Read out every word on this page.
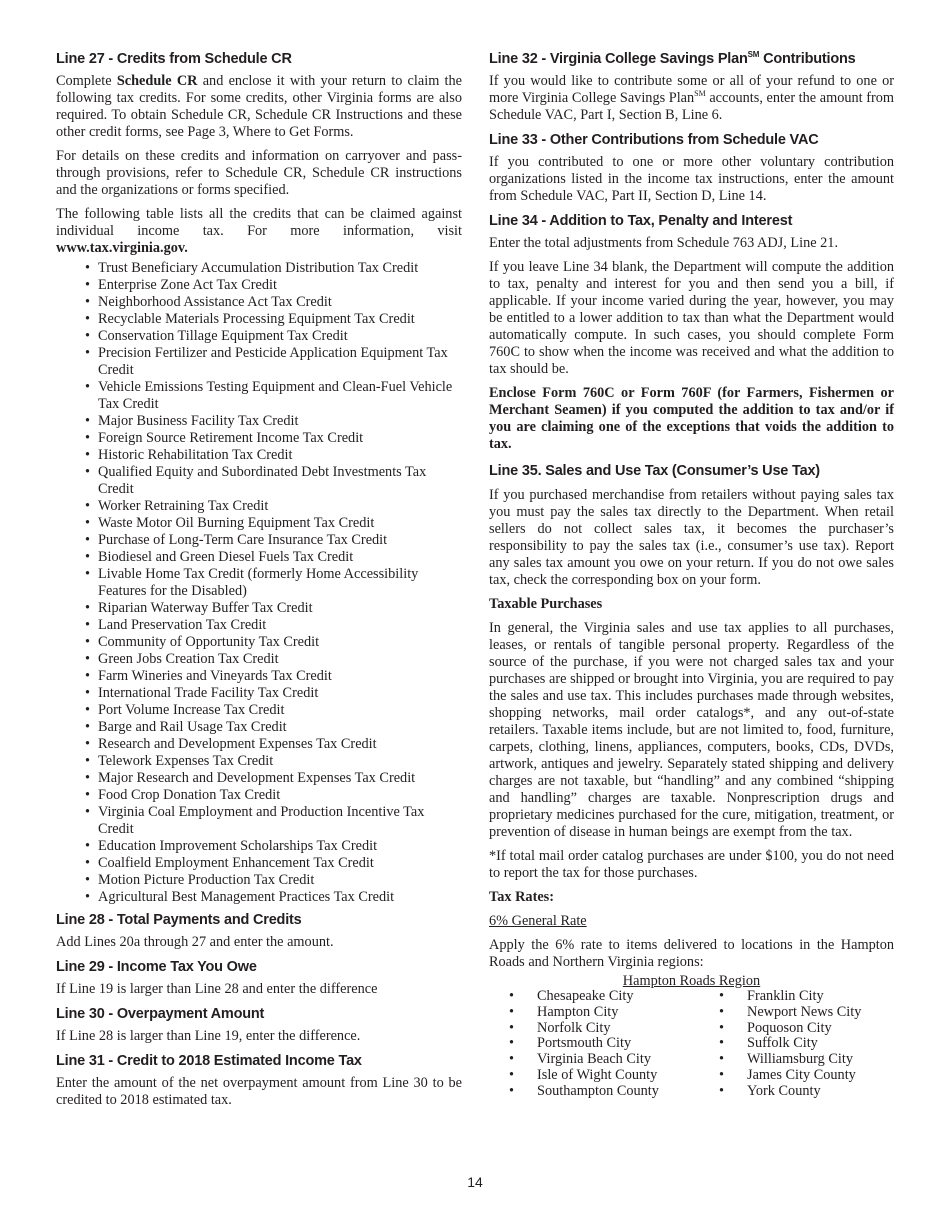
Line 27 - Credits from Schedule CR

Complete Schedule CR and enclose it with your return to claim the following tax credits. For some credits, other Virginia forms are also required. To obtain Schedule CR, Schedule CR Instructions and these other credit forms, see Page 3, Where to Get Forms.

For details on these credits and information on carryover and pass-through provisions, refer to Schedule CR, Schedule CR instructions and the organizations or forms specified.

The following table lists all the credits that can be claimed against individual income tax. For more information, visit www.tax.virginia.gov.

• Trust Beneficiary Accumulation Distribution Tax Credit
• Enterprise Zone Act Tax Credit
• Neighborhood Assistance Act Tax Credit
• Recyclable Materials Processing Equipment Tax Credit
• Conservation Tillage Equipment Tax Credit
• Precision Fertilizer and Pesticide Application Equipment Tax Credit
• Vehicle Emissions Testing Equipment and Clean-Fuel Vehicle Tax Credit
• Major Business Facility Tax Credit
• Foreign Source Retirement Income Tax Credit
• Historic Rehabilitation Tax Credit
• Qualified Equity and Subordinated Debt Investments Tax Credit
• Worker Retraining Tax Credit
• Waste Motor Oil Burning Equipment Tax Credit
• Purchase of Long-Term Care Insurance Tax Credit
• Biodiesel and Green Diesel Fuels Tax Credit
• Livable Home Tax Credit (formerly Home Accessibility Features for the Disabled)
• Riparian Waterway Buffer Tax Credit
• Land Preservation Tax Credit
• Community of Opportunity Tax Credit
• Green Jobs Creation Tax Credit
• Farm Wineries and Vineyards Tax Credit
• International Trade Facility Tax Credit
• Port Volume Increase Tax Credit
• Barge and Rail Usage Tax Credit
• Research and Development Expenses Tax Credit
• Telework Expenses Tax Credit
• Major Research and Development Expenses Tax Credit
• Food Crop Donation Tax Credit
• Virginia Coal Employment and Production Incentive Tax Credit
• Education Improvement Scholarships Tax Credit
• Coalfield Employment Enhancement Tax Credit
• Motion Picture Production Tax Credit
• Agricultural Best Management Practices Tax Credit
Line 28 - Total Payments and Credits

Add Lines 20a through 27 and enter the amount.

Line 29 - Income Tax You Owe

If Line 19 is larger than Line 28 and enter the difference

Line 30 - Overpayment Amount

If Line 28 is larger than Line 19, enter the difference.

Line 31 - Credit to 2018 Estimated Income Tax

Enter the amount of the net overpayment amount from Line 30 to be credited to 2018 estimated tax.

Line 32 - Virginia College Savings Plan℠ Contributions

If you would like to contribute some or all of your refund to one or more Virginia College Savings Plan℠ accounts, enter the amount from Schedule VAC, Part I, Section B, Line 6.

Line 33 - Other Contributions from Schedule VAC

If you contributed to one or more other voluntary contribution organizations listed in the income tax instructions, enter the amount from Schedule VAC, Part II, Section D, Line 14.

Line 34 - Addition to Tax, Penalty and Interest

Enter the total adjustments from Schedule 763 ADJ, Line 21.

If you leave Line 34 blank, the Department will compute the addition to tax, penalty and interest for you and then send you a bill, if applicable. If your income varied during the year, however, you may be entitled to a lower addition to tax than what the Department would automatically compute. In such cases, you should complete Form 760C to show when the income was received and what the addition to tax should be.

Enclose Form 760C or Form 760F (for Farmers, Fishermen or Merchant Seamen) if you computed the addition to tax and/or if you are claiming one of the exceptions that voids the addition to tax.

Line 35. Sales and Use Tax (Consumer’s Use Tax)

If you purchased merchandise from retailers without paying sales tax you must pay the sales tax directly to the Department. When retail sellers do not collect sales tax, it becomes the purchaser’s responsibility to pay the sales tax (i.e., consumer’s use tax). Report any sales tax amount you owe on your return. If you do not owe sales tax, check the corresponding box on your form.

Taxable Purchases

In general, the Virginia sales and use tax applies to all purchases, leases, or rentals of tangible personal property. Regardless of the source of the purchase, if you were not charged sales tax and your purchases are shipped or brought into Virginia, you are required to pay the sales and use tax. This includes purchases made through websites, shopping networks, mail order catalogs*, and any out-of-state retailers. Taxable items include, but are not limited to, food, furniture, carpets, clothing, linens, appliances, computers, books, CDs, DVDs, artwork, antiques and jewelry. Separately stated shipping and delivery charges are not taxable, but “handling” and any combined “shipping and handling” charges are taxable. Nonprescription drugs and proprietary medicines purchased for the cure, mitigation, treatment, or prevention of disease in human beings are exempt from the tax.

*If total mail order catalog purchases are under $100, you do not need to report the tax for those purchases.

Tax Rates:

6% General Rate

Apply the 6% rate to items delivered to locations in the Hampton Roads and Northern Virginia regions:

Hampton Roads Region
• Chesapeake City	• Franklin City
• Hampton City	• Newport News City
• Norfolk City	• Poquoson City
• Portsmouth City	• Suffolk City
• Virginia Beach City	• Williamsburg City
• Isle of Wight County	• James City County
• Southampton County	• York County
14
